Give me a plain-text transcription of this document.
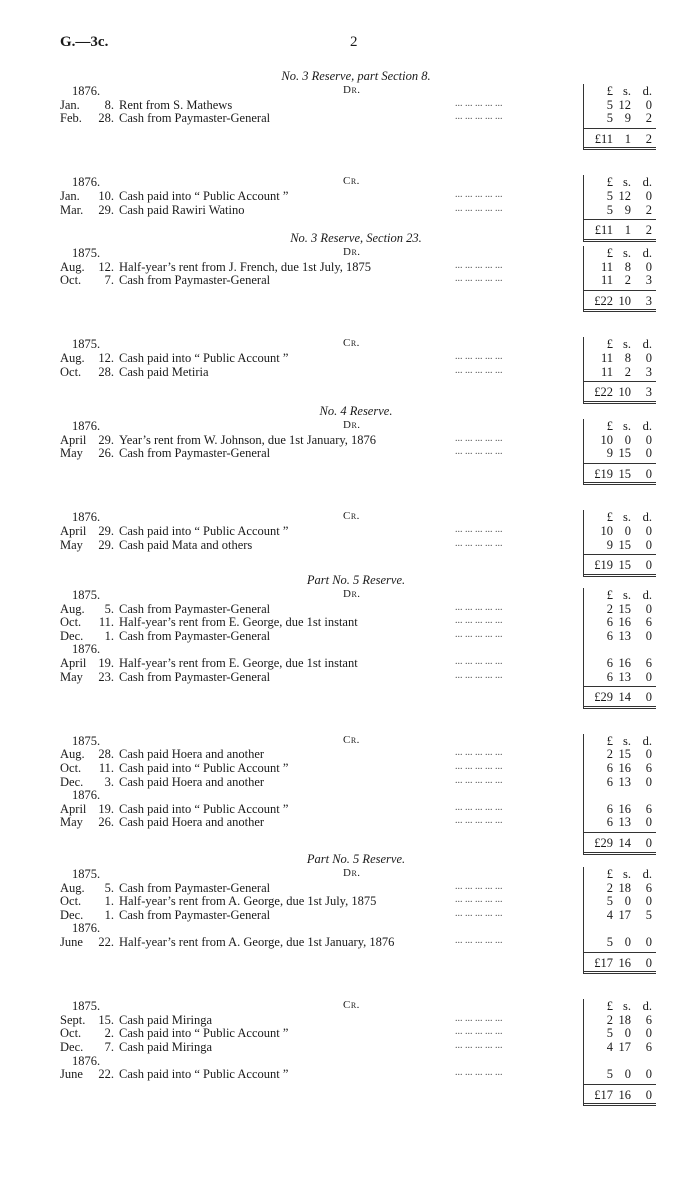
G.—3c.	2
No. 3 Reserve, part Section 8.
Dr.	£ s. d.
1876.
Jan.	8. Rent from S. Mathews	... ... ... ... ...	5 12	0
Feb.	28. Cash from Paymaster-General	... ... ... ... ...	5 9	2
£11 1	2
Cr.	£ s. d.
1876.
Jan.	10. Cash paid into “ Public Account ”	... ... ... ... ...	5 12	0
Mar.	29. Cash paid Rawiri Watino	... ... ... ... ...	5 9	2
£11 1	2
No. 3 Reserve, Section 23.
Dr.	£ s. d.
1875.
Aug.	12. Half-year’s rent from J. French, due 1st July, 1875	... ... ... ... ...	11 8	0
Oct.	7. Cash from Paymaster-General	... ... ... ... ...	11 2	3
£22 10	3
Cr.	£ s. d.
1875.
Aug.	12. Cash paid into “ Public Account ”	... ... ... ... ...	11 8	0
Oct.	28. Cash paid Metiria	... ... ... ... ...	11 2	3
£22 10	3
No. 4 Reserve.
Dr.	£ s. d.
1876.
April 29. Year’s rent from W. Johnson, due 1st January, 1876	... ... ... ... ...	10 0	0
May	26. Cash from Paymaster-General	... ... ... ... ...	9 15	0
£19 15	0
Cr.	£ s. d.
1876.
April 29. Cash paid into “ Public Account ”	... ... ... ... ...	10 0	0
May	29. Cash paid Mata and others	... ... ... ... ...	9 15	0
£19 15	0
Part No. 5 Reserve.
Dr.	£ s. d.
1875.
Aug.	5. Cash from Paymaster-General	... ... ... ... ...	2 15	0
Oct.	11. Half-year’s rent from E. George, due 1st instant	... ... ... ... ...	6 16	6
Dec.	1. Cash from Paymaster-General	... ... ... ... ...	6 13	0
1876.
April 19. Half-year’s rent from E. George, due 1st instant	... ... ... ... ...	6 16	6
May	23. Cash from Paymaster-General	... ... ... ... ...	6 13	0
£29 14	0
Cr.	£ s. d.
1875.
Aug.	28. Cash paid Hoera and another	... ... ... ... ...	2 15	0
Oct.	11. Cash paid into “ Public Account ”	... ... ... ... ...	6 16	6
Dec.	3. Cash paid Hoera and another	... ... ... ... ...	6 13	0
1876.
April 19. Cash paid into “ Public Account ”	... ... ... ... ...	6 16	6
May	26. Cash paid Hoera and another	... ... ... ... ...	6 13	0
£29 14	0
Part No. 5 Reserve.
Dr.	£ s. d.
1875.
Aug.	5. Cash from Paymaster-General	... ... ... ... ...	2 18	6
Oct.	1. Half-year’s rent from A. George, due 1st July, 1875	... ... ... ... ...	5 0	0
Dec.	1. Cash from Paymaster-General	... ... ... ... ...	4 17	5
1876.
June	22. Half-year’s rent from A. George, due 1st January, 1876	... ... ... ... ...	5 0	0
£17 16	0
Cr.	£ s. d.
1875.
Sept.	15. Cash paid Miringa	... ... ... ... ...	2 18	6
Oct.	2. Cash paid into “ Public Account ”	... ... ... ... ...	5 0	0
Dec.	7. Cash paid Miringa	... ... ... ... ...	4 17	6
1876.
June	22. Cash paid into “ Public Account ”	... ... ... ... ...	5 0	0
£17 16	0
